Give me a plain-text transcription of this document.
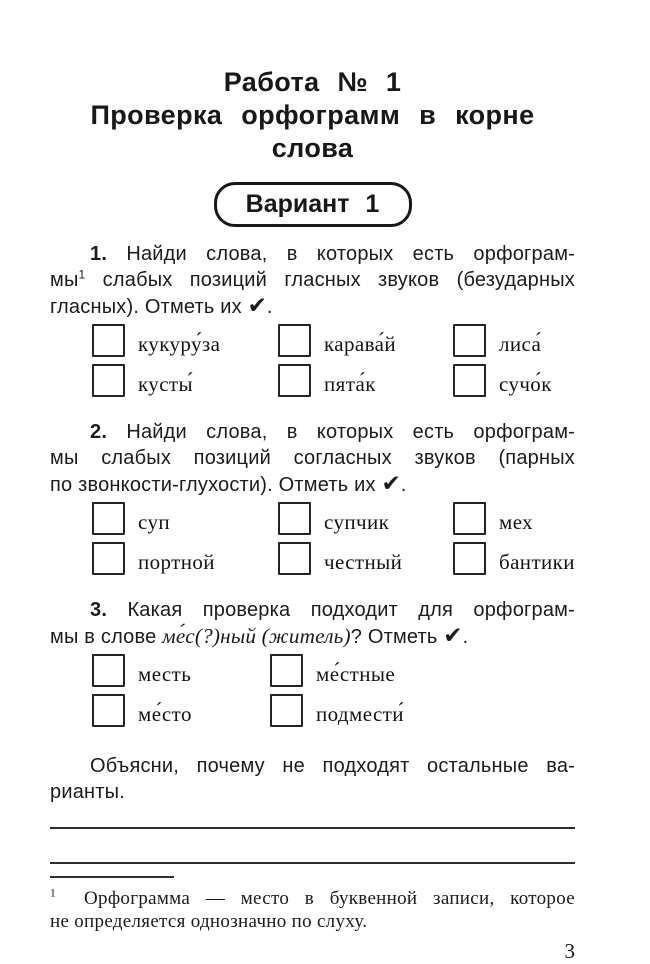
Работа № 1
Проверка орфограмм в корне слова
Вариант 1
1. Найди слова, в которых есть орфограм-
$мы^1$ слабых позиций гласных звуков (безударных
гласных). Отметь их ✔.
кукуру́за	карава́й	лиса́
кусты́	пята́к	сучо́к
2. Найди слова, в которых есть орфограм-
мы слабых позиций согласных звуков (парных
по звонкости-глухости). Отметь их ✔.
суп	супчик	мех
портной	честный	бантики
3. Какая проверка подходит для орфограм-
мы в слове ме́с(?)ный (житель)? Отметь ✔.
месть	ме́стные
ме́сто	подмести́
Объясни, почему не подходят остальные ва-
рианты.
$^1$ Орфограмма — место в буквенной записи, которое
не определяется однозначно по слуху.
3
